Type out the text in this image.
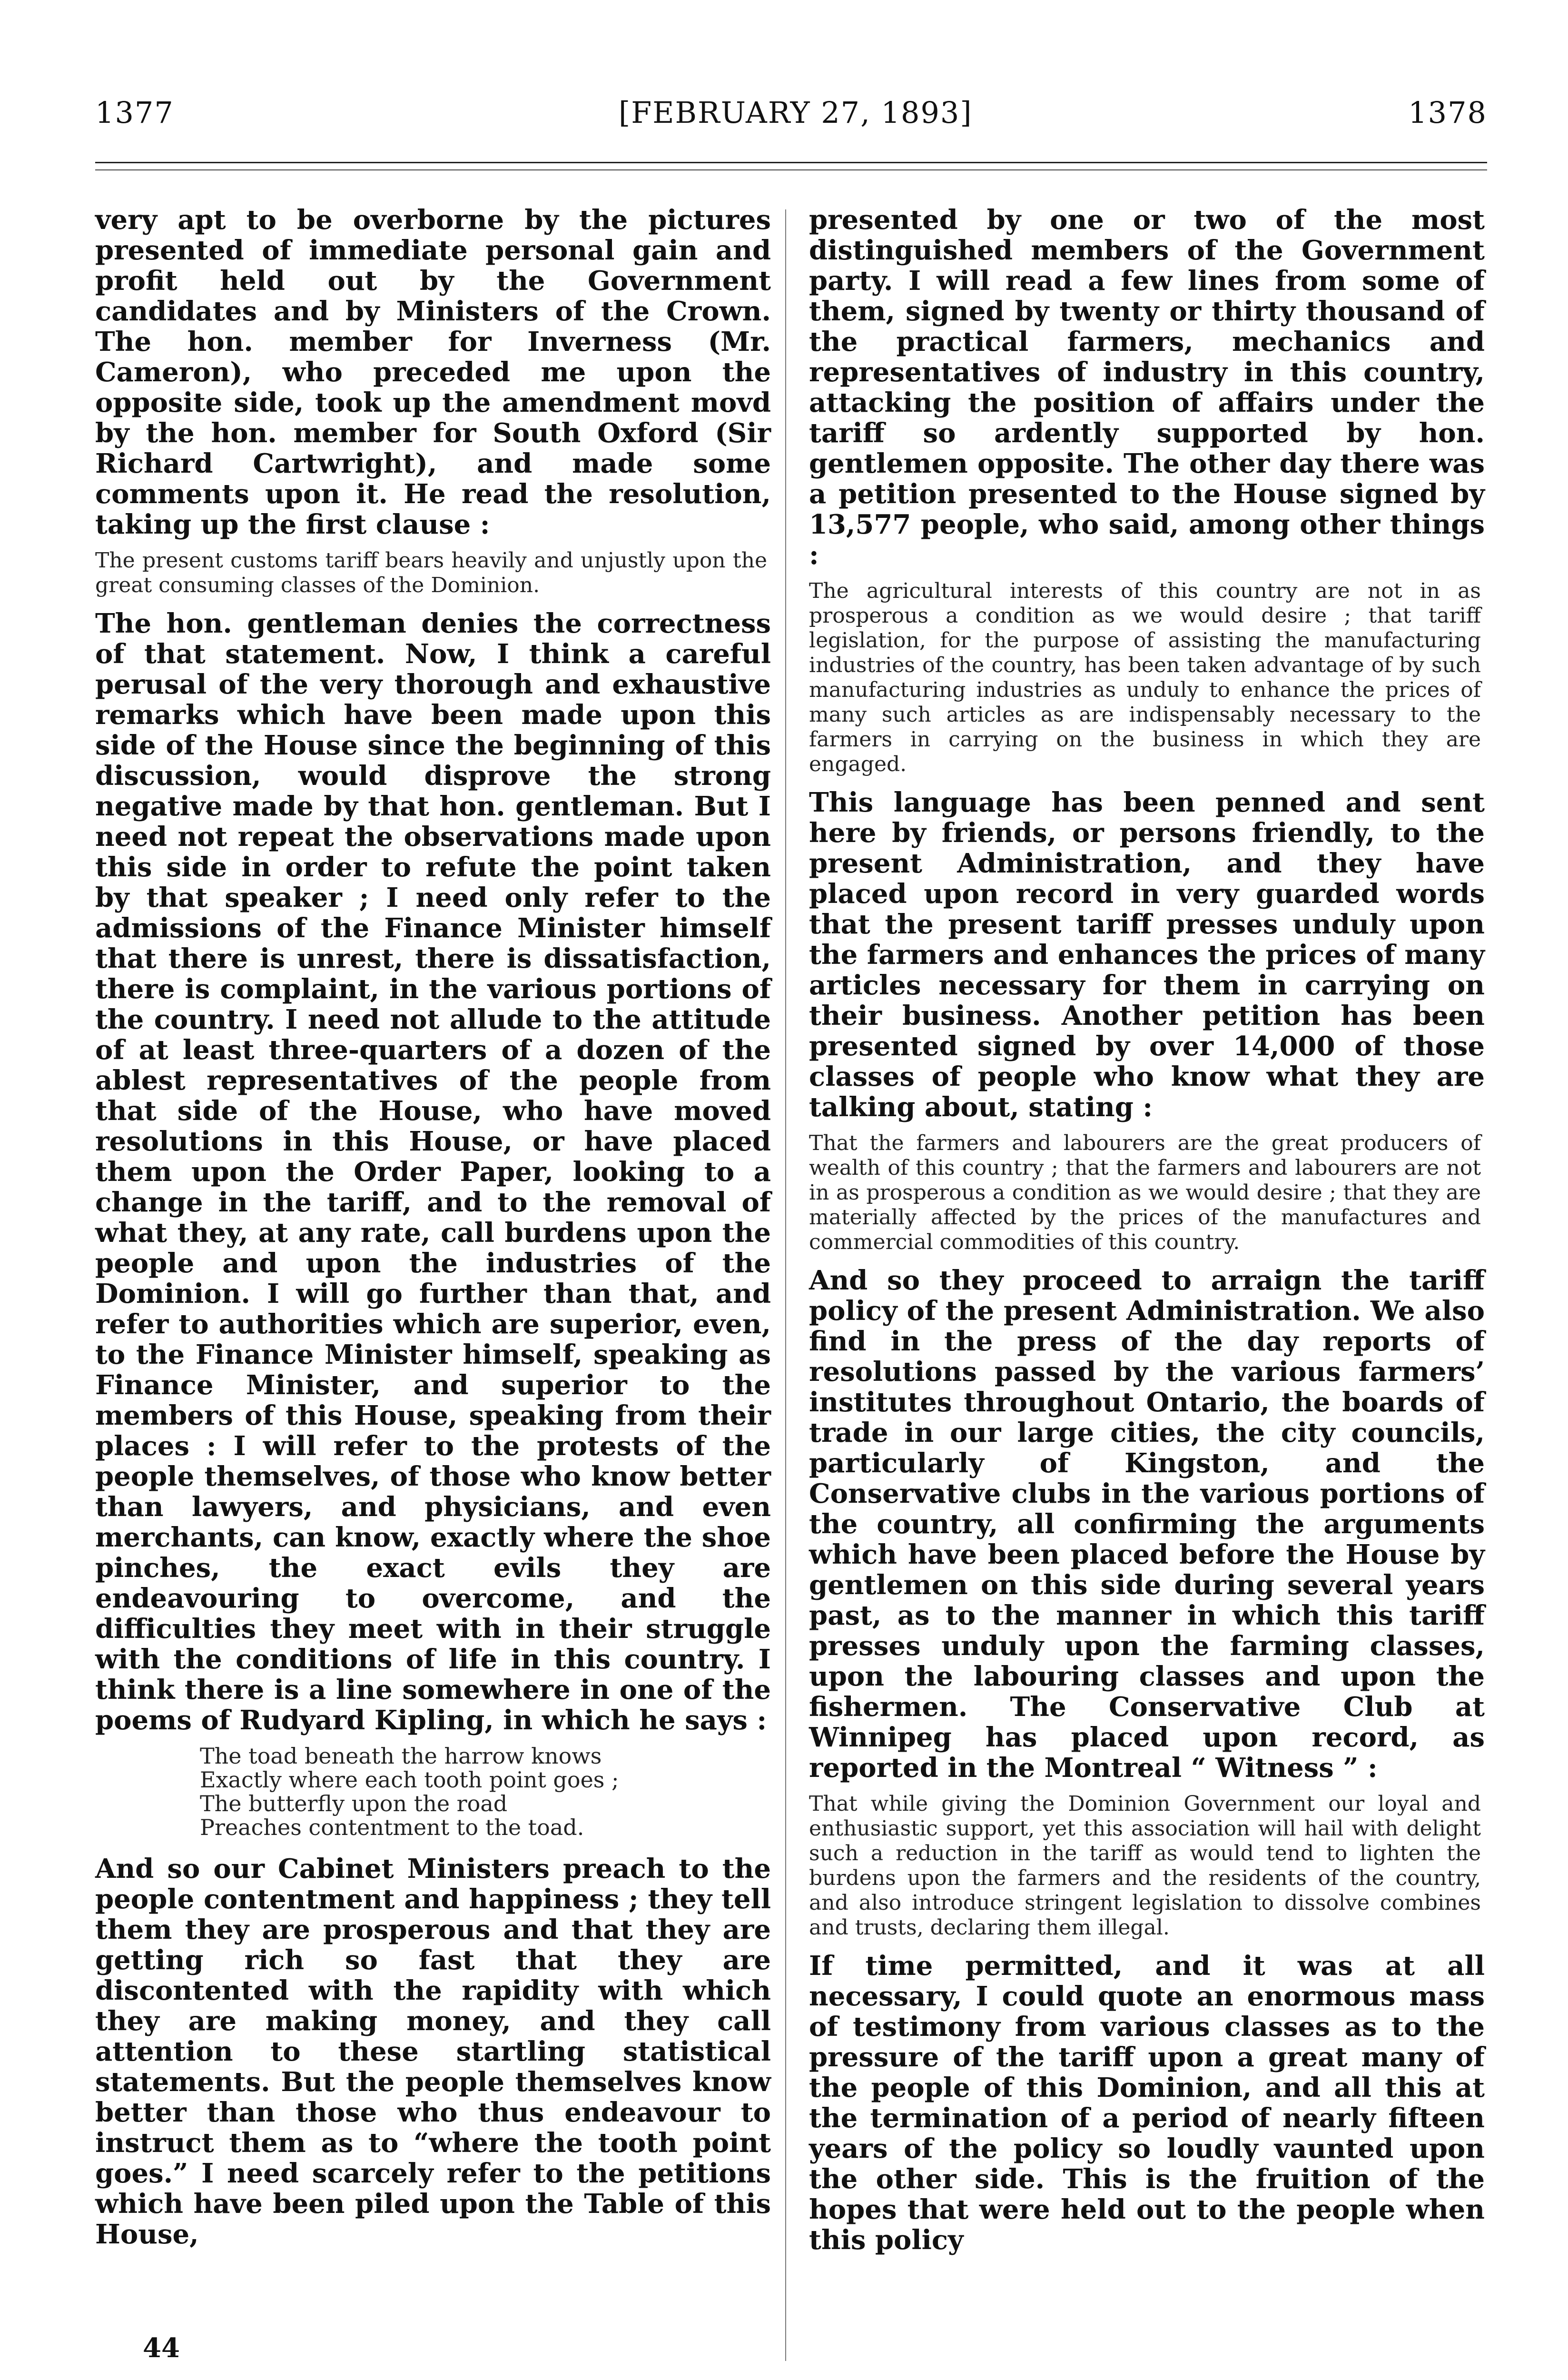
1377	[FEBRUARY 27, 1893]	1378

very apt to be overborne by the pictures presented of immediate personal gain and profit held out by the Government candidates and by Ministers of the Crown. The hon. member for Inverness (Mr. Cameron), who preceded me upon the opposite side, took up the amendment movd by the hon. member for South Oxford (Sir Richard Cartwright), and made some comments upon it. He read the resolution, taking up the first clause :

The present customs tariff bears heavily and unjustly upon the great consuming classes of the Dominion.

The hon. gentleman denies the correctness of that statement. Now, I think a careful perusal of the very thorough and exhaustive remarks which have been made upon this side of the House since the beginning of this discussion, would disprove the strong negative made by that hon. gentleman. But I need not repeat the observations made upon this side in order to refute the point taken by that speaker ; I need only refer to the admissions of the Finance Minister himself that there is unrest, there is dissatisfaction, there is complaint, in the various portions of the country. I need not allude to the attitude of at least three-quarters of a dozen of the ablest representatives of the people from that side of the House, who have moved resolutions in this House, or have placed them upon the Order Paper, looking to a change in the tariff, and to the removal of what they, at any rate, call burdens upon the people and upon the industries of the Dominion. I will go further than that, and refer to authorities which are superior, even, to the Finance Minister himself, speaking as Finance Minister, and superior to the members of this House, speaking from their places : I will refer to the protests of the people themselves, of those who know better than lawyers, and physicians, and even merchants, can know, exactly where the shoe pinches, the exact evils they are endeavouring to overcome, and the difficulties they meet with in their struggle with the conditions of life in this country. I think there is a line somewhere in one of the poems of Rudyard Kipling, in which he says :

The toad beneath the harrow knows
Exactly where each tooth point goes ;
The butterfly upon the road
Preaches contentment to the toad.

And so our Cabinet Ministers preach to the people contentment and happiness ; they tell them they are prosperous and that they are getting rich so fast that they are discontented with the rapidity with which they are making money, and they call attention to these startling statistical statements. But the people themselves know better than those who thus endeavour to instruct them as to “where the tooth point goes.” I need scarcely refer to the petitions which have been piled upon the Table of this House,

presented by one or two of the most distinguished members of the Government party. I will read a few lines from some of them, signed by twenty or thirty thousand of the practical farmers, mechanics and representatives of industry in this country, attacking the position of affairs under the tariff so ardently supported by hon. gentlemen opposite. The other day there was a petition presented to the House signed by 13,577 people, who said, among other things :

The agricultural interests of this country are not in as prosperous a condition as we would desire ; that tariff legislation, for the purpose of assisting the manufacturing industries of the country, has been taken advantage of by such manufacturing industries as unduly to enhance the prices of many such articles as are indispensably necessary to the farmers in carrying on the business in which they are engaged.

This language has been penned and sent here by friends, or persons friendly, to the present Administration, and they have placed upon record in very guarded words that the present tariff presses unduly upon the farmers and enhances the prices of many articles necessary for them in carrying on their business. Another petition has been presented signed by over 14,000 of those classes of people who know what they are talking about, stating :

That the farmers and labourers are the great producers of wealth of this country ; that the farmers and labourers are not in as prosperous a condition as we would desire ; that they are materially affected by the prices of the manufactures and commercial commodities of this country.

And so they proceed to arraign the tariff policy of the present Administration. We also find in the press of the day reports of resolutions passed by the various farmers’ institutes throughout Ontario, the boards of trade in our large cities, the city councils, particularly of Kingston, and the Conservative clubs in the various portions of the country, all confirming the arguments which have been placed before the House by gentlemen on this side during several years past, as to the manner in which this tariff presses unduly upon the farming classes, upon the labouring classes and upon the fishermen. The Conservative Club at Winnipeg has placed upon record, as reported in the Montreal “ Witness ” :

That while giving the Dominion Government our loyal and enthusiastic support, yet this association will hail with delight such a reduction in the tariff as would tend to lighten the burdens upon the farmers and the residents of the country, and also introduce stringent legislation to dissolve combines and trusts, declaring them illegal.

If time permitted, and it was at all necessary, I could quote an enormous mass of testimony from various classes as to the pressure of the tariff upon a great many of the people of this Dominion, and all this at the termination of a period of nearly fifteen years of the policy so loudly vaunted upon the other side. This is the fruition of the hopes that were held out to the people when this policy

44
